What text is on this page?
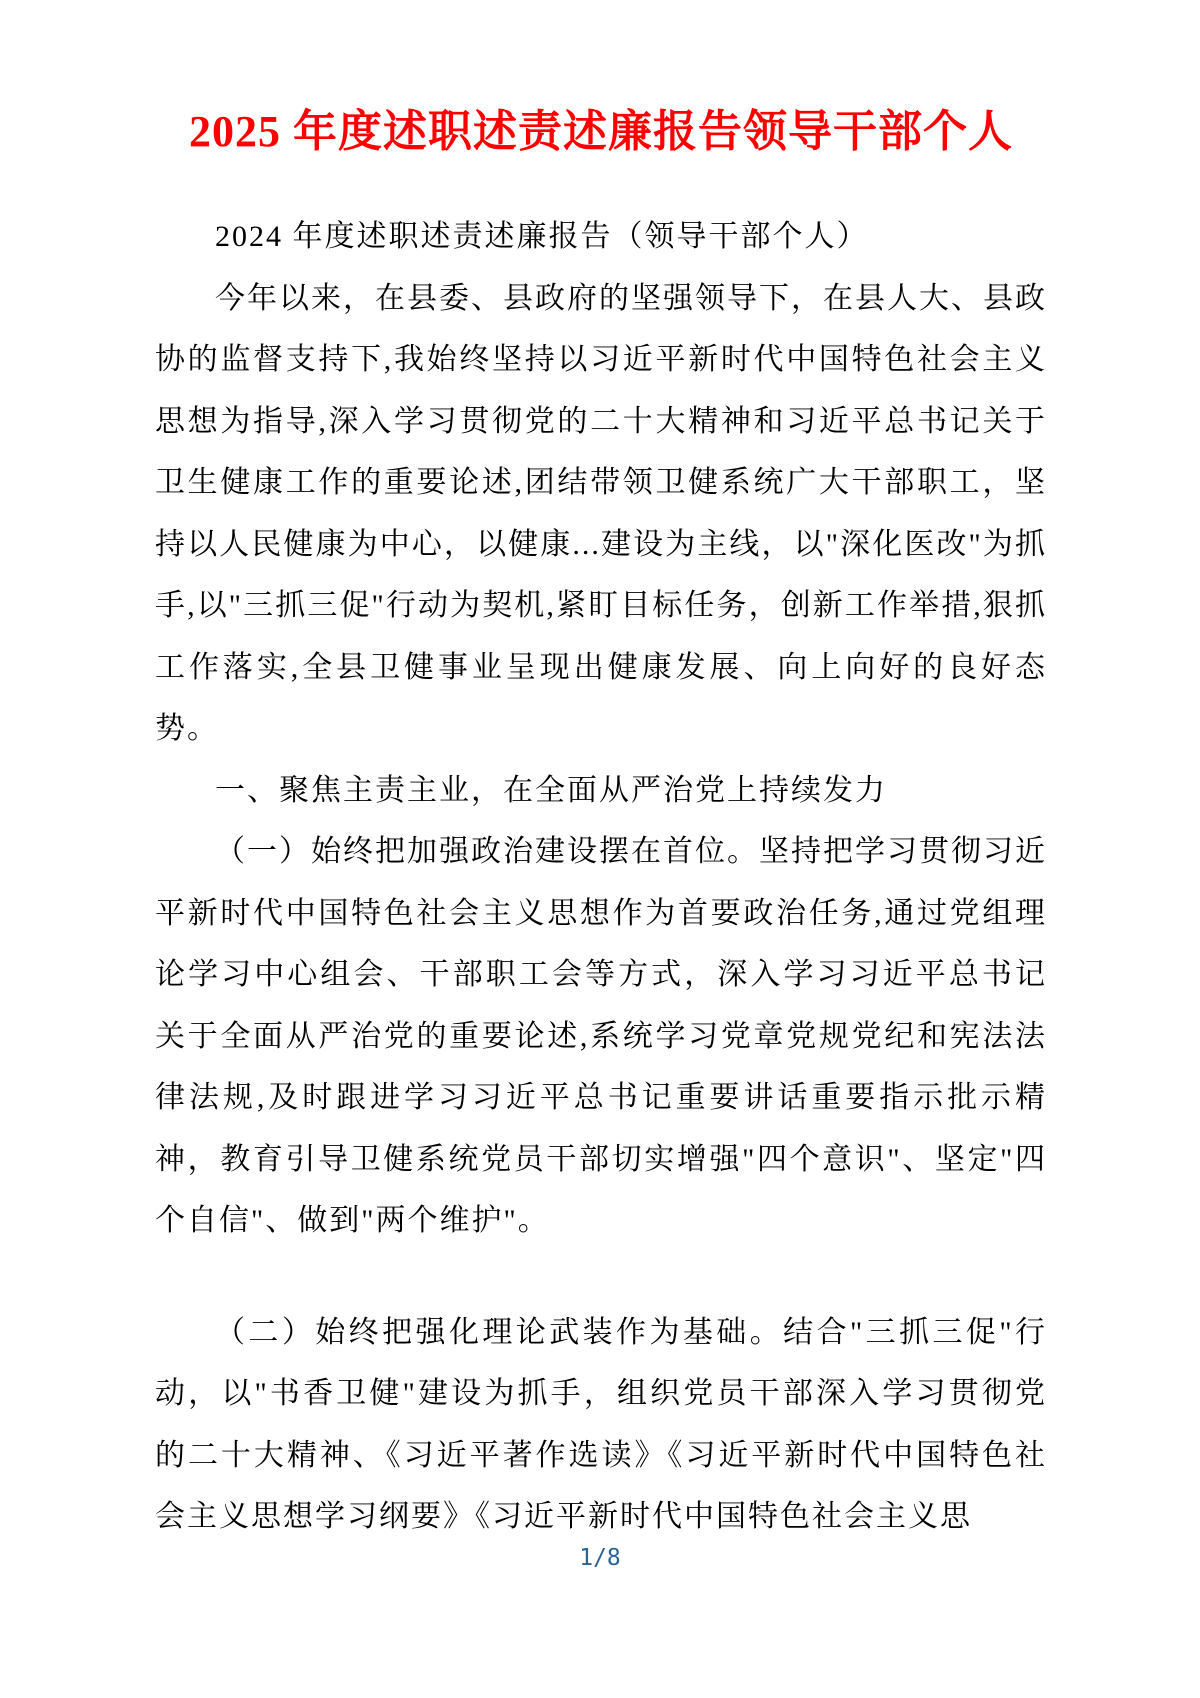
2025 年度述职述责述廉报告领导干部个人

2024 年度述职述责述廉报告（领导干部个人）

今年以来，在县委、县政府的坚强领导下，在县人大、县政协的监督支持下,我始终坚持以习近平新时代中国特色社会主义思想为指导,深入学习贯彻党的二十大精神和习近平总书记关于卫生健康工作的重要论述,团结带领卫健系统广大干部职工，坚持以人民健康为中心，以健康...建设为主线，以"深化医改"为抓手,以"三抓三促"行动为契机,紧盯目标任务，创新工作举措,狠抓工作落实,全县卫健事业呈现出健康发展、向上向好的良好态势。

一、聚焦主责主业，在全面从严治党上持续发力

（一）始终把加强政治建设摆在首位。坚持把学习贯彻习近平新时代中国特色社会主义思想作为首要政治任务,通过党组理论学习中心组会、干部职工会等方式，深入学习习近平总书记关于全面从严治党的重要论述,系统学习党章党规党纪和宪法法律法规,及时跟进学习习近平总书记重要讲话重要指示批示精神，教育引导卫健系统党员干部切实增强"四个意识"、坚定"四个自信"、做到"两个维护"。

（二）始终把强化理论武装作为基础。结合"三抓三促"行动，以"书香卫健"建设为抓手，组织党员干部深入学习贯彻党的二十大精神、《习近平著作选读》《习近平新时代中国特色社会主义思想学习纲要》《习近平新时代中国特色社会主义思

1/8
